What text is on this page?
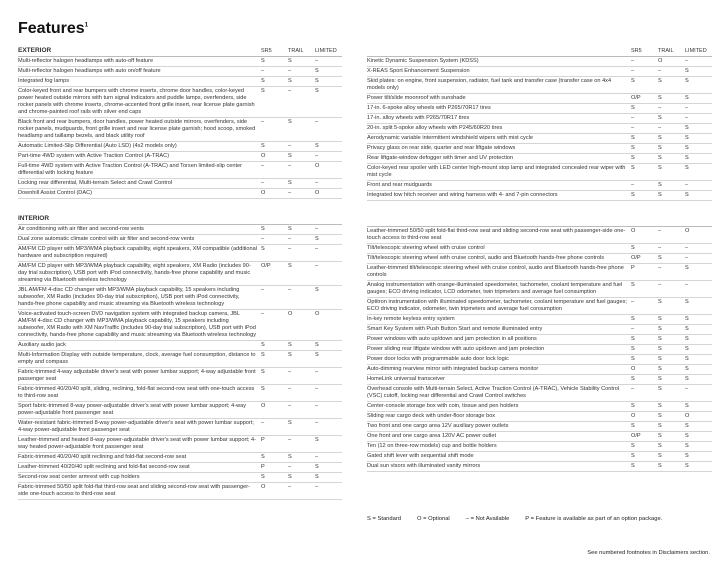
Features$^1$
EXTERIOR	SR5	TRAIL	LIMITED
Multi-reflector halogen headlamps with auto-off feature	S	S	–
Multi-reflector halogen headlamps with auto on/off feature	–	–	S
Integrated fog lamps	S	S	S
Color-keyed front and rear bumpers with chrome inserts, chrome door handles, color-keyed power heated outside mirrors with turn signal indicators and puddle lamps, overfenders, side rocker panels with chrome inserts, chrome-accented front grille insert, rear license plate garnish and chrome-painted roof rails with silver end caps
S	–	S
Black front and rear bumpers, door handles, power heated outside mirrors, overfenders, side rocker panels, mudguards, front grille insert and rear license plate garnish; hood scoop, smoked headlamp and taillamp bezels, and black utility roof
–	S	–
Automatic Limited-Slip Differential (Auto LSD) (4x2 models only)	S	–	S
Part-time 4WD system with Active Traction Control (A-TRAC)	O	S	–
Full-time 4WD system with Active Traction Control (A-TRAC) and Torsen limited-slip center differential with locking feature
–	–	O
Locking rear differential, Multi-terrain Select and Crawl Control	–	S	–
Downhill Assist Control (DAC)	O	–	O
INTERIOR
Air conditioning with air filter and second-row vents	S	S	–
Dual zone automatic climate control with air filter and second-row vents	–	–	S
AM/FM CD player with MP3/WMA playback capability, eight speakers, XM compatible (additional hardware and subscription required)
S	–	–
AM/FM CD player with MP3/WMA playback capability, eight speakers, XM Radio (includes 90-day trial subscription), USB port with iPod connectivity, hands-free phone capability and music streaming via Bluetooth wireless technology
O/P	S	–
JBL AM/FM 4-disc CD changer with MP3/WMA playback capability, 15 speakers including subwoofer, XM Radio (includes 90-day trial subscription), USB port with iPod connectivity, hands-free phone capability and music streaming via Bluetooth wireless technology
–	–	S
Voice-activated touch-screen DVD navigation system with integrated backup camera, JBL AM/FM 4-disc CD changer with MP3/WMA playback capability, 15 speakers including subwoofer, XM Radio with XM NavTraffic (includes 90-day trial subscription), USB port with iPod connectivity, hands-free phone capability and music streaming via Bluetooth wireless technology
–	O	O
Auxiliary audio jack	S	S	S
Multi-Information Display with outside temperature, clock, average fuel consumption, distance to empty and compass
S	S	S
Fabric-trimmed 4-way adjustable driver's seat with power lumbar support; 4-way adjustable front passenger seat
S	–	–
Fabric-trimmed 40/20/40 split, sliding, reclining, fold-flat second-row seat with one-touch access to third-row seat
S	–	–
Sport fabric-trimmed 8-way power-adjustable driver's seat with power lumbar support; 4-way power-adjustable front passenger seat
O	–	–
Water-resistant fabric-trimmed 8-way power-adjustable driver's seat with power lumbar support; 4-way power-adjustable front passenger seat
–	S	–
Leather-trimmed and heated 8-way power-adjustable driver's seat with power lumbar support; 4-way heated power-adjustable front passenger seat
P	–	S
Fabric-trimmed 40/20/40 split reclining and fold-flat second-row seat	S	S	–
Leather-trimmed 40/20/40 split reclining and fold-flat second-row seat	P	–	S
Second-row seat center armrest with cup holders	S	S	S
Fabric-trimmed 50/50 split fold-flat third-row seat and sliding second-row seat with passenger-side one-touch access to third-row seat
O	–	–
SR5	TRAIL	LIMITED
Kinetic Dynamic Suspension System (KDSS)	–	O	–
X-REAS Sport Enhancement Suspension	–	–	S
Skid plates: on engine, front suspension, radiator, fuel tank and transfer case (transfer case on 4x4 models only)
S	S	S
Power tilt/slide moonroof with sunshade	O/P	S	S
17-in. 6-spoke alloy wheels with P265/70R17 tires	S	–	–
17-in. alloy wheels with P265/70R17 tires	–	S	–
20-in. split 5-spoke alloy wheels with P245/60R20 tires	–	–	S
Aerodynamic variable intermittent windshield wipers with mist cycle	S	S	S
Privacy glass on rear side, quarter and rear liftgate windows	S	S	S
Rear liftgate-window defogger with timer and UV protection	S	S	S
Color-keyed rear spoiler with LED center high-mount stop lamp and integrated concealed rear wiper with mist cycle
S	S	S
Front and rear mudguards	–	S	–
Integrated tow hitch receiver and wiring harness with 4- and 7-pin connectors	S	S	S
Leather-trimmed 50/50 split fold-flat third-row seat and sliding second-row seat with passenger-side one-touch access to third-row seat
O	–	O
Tilt/telescopic steering wheel with cruise control	S	–	–
Tilt/telescopic steering wheel with cruise control, audio and Bluetooth hands-free phone controls	O/P	S	–
Leather-trimmed tilt/telescopic steering wheel with cruise control, audio and Bluetooth hands-free phone controls
P	–	S
Analog instrumentation with orange-illuminated speedometer, tachometer, coolant temperature and fuel gauges; ECO driving indicator, LCD odometer, twin tripmeters and average fuel consumption
S	–	–
Optitron instrumentation with illuminated speedometer, tachometer, coolant temperature and fuel gauges; ECO driving indicator, odometer, twin tripmeters and average fuel consumption
–	S	S
In-key remote keyless entry system	S	S	S
Smart Key System with Push Button Start and remote illuminated entry	–	S	S
Power windows with auto up/down and jam protection in all positions	S	S	S
Power sliding rear liftgate window with auto up/down and jam protection	S	S	S
Power door locks with programmable auto door lock logic	S	S	S
Auto-dimming rearview mirror with integrated backup camera monitor	O	S	S
HomeLink universal transceiver	S	S	S
Overhead console with Multi-terrain Select, Active Traction Control (A-TRAC), Vehicle Stability Control (VSC) cutoff, locking rear differential and Crawl Control switches
–	S	–
Center-console storage box with coin, tissue and pen holders	S	S	S
Sliding rear cargo deck with under-floor storage box	O	S	O
Two front and one cargo area 12V auxiliary power outlets	S	S	S
One front and one cargo area 120V AC power outlet	O/P	S	S
Ten (12 on three-row models) cup and bottle holders	S	S	S
Gated shift lever with sequential shift mode	S	S	S
Dual sun visors with illuminated vanity mirrors	S	S	S
S = Standard	O = Optional	– = Not Available	P = Feature is available as part of an option package.
See numbered footnotes in Disclaimers section.
